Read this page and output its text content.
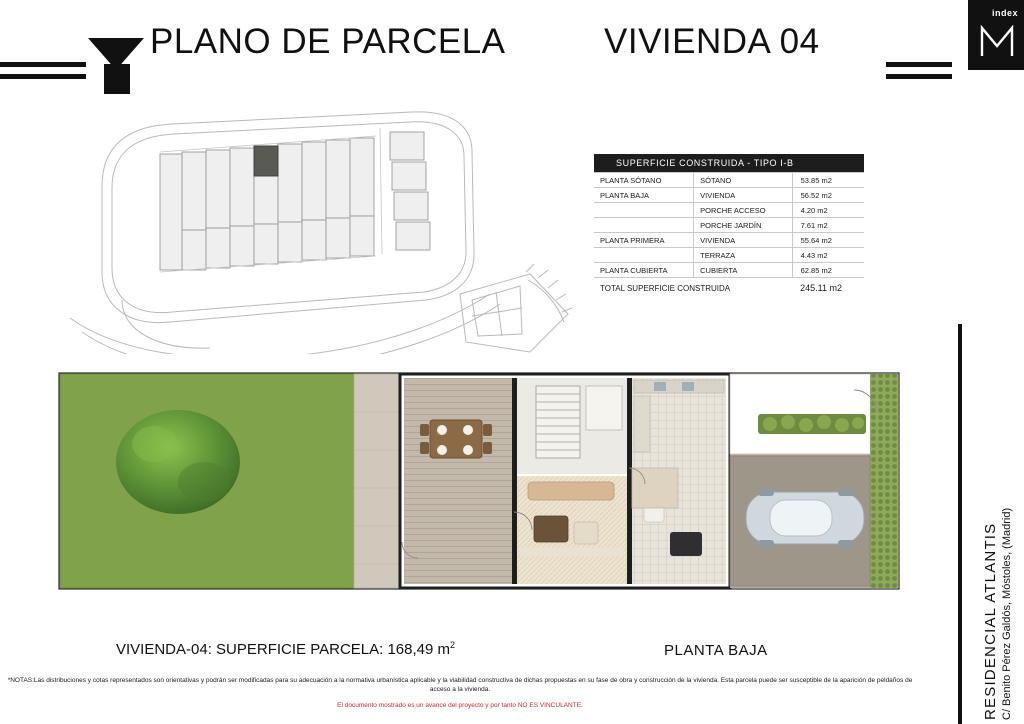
PLANO DE PARCELA	VIVIENDA 04
index
RESIDENCIAL ATLANTIS C/ Benito Pérez Galdós, Móstoles, (Madrid)
SUPERFICIE CONSTRUIDA - TIPO I-B		
PLANTA SÓTANO	SÓTANO	53.85 m2
PLANTA BAJA	VIVIENDA	56.52 m2
	PORCHE ACCESO	4.20 m2
	PORCHE JARDÍN	7.61 m2
PLANTA PRIMERA	VIVIENDA	55.64 m2
	TERRAZA	4.43 m2
PLANTA CUBIERTA	CUBIERTA	62.85 m2
TOTAL SUPERFICIE CONSTRUIDA		245.11 m2
VIVIENDA-04: SUPERFICIE PARCELA: 168,49 $m^2$	PLANTA BAJA
*NOTAS:Las distribuciones y cotas representados son orientativas y podrán ser modificadas para su adecuación a la normativa urbanística aplicable y la viabilidad constructiva de dichas propuestas en su fase de obra y construcción de la vivienda. Esta parcela puede ser susceptible de la aparición de peldaños de acceso a la vivienda.
El documento mostrado es un avance del proyecto y por tanto NO ES VINCULANTE.
